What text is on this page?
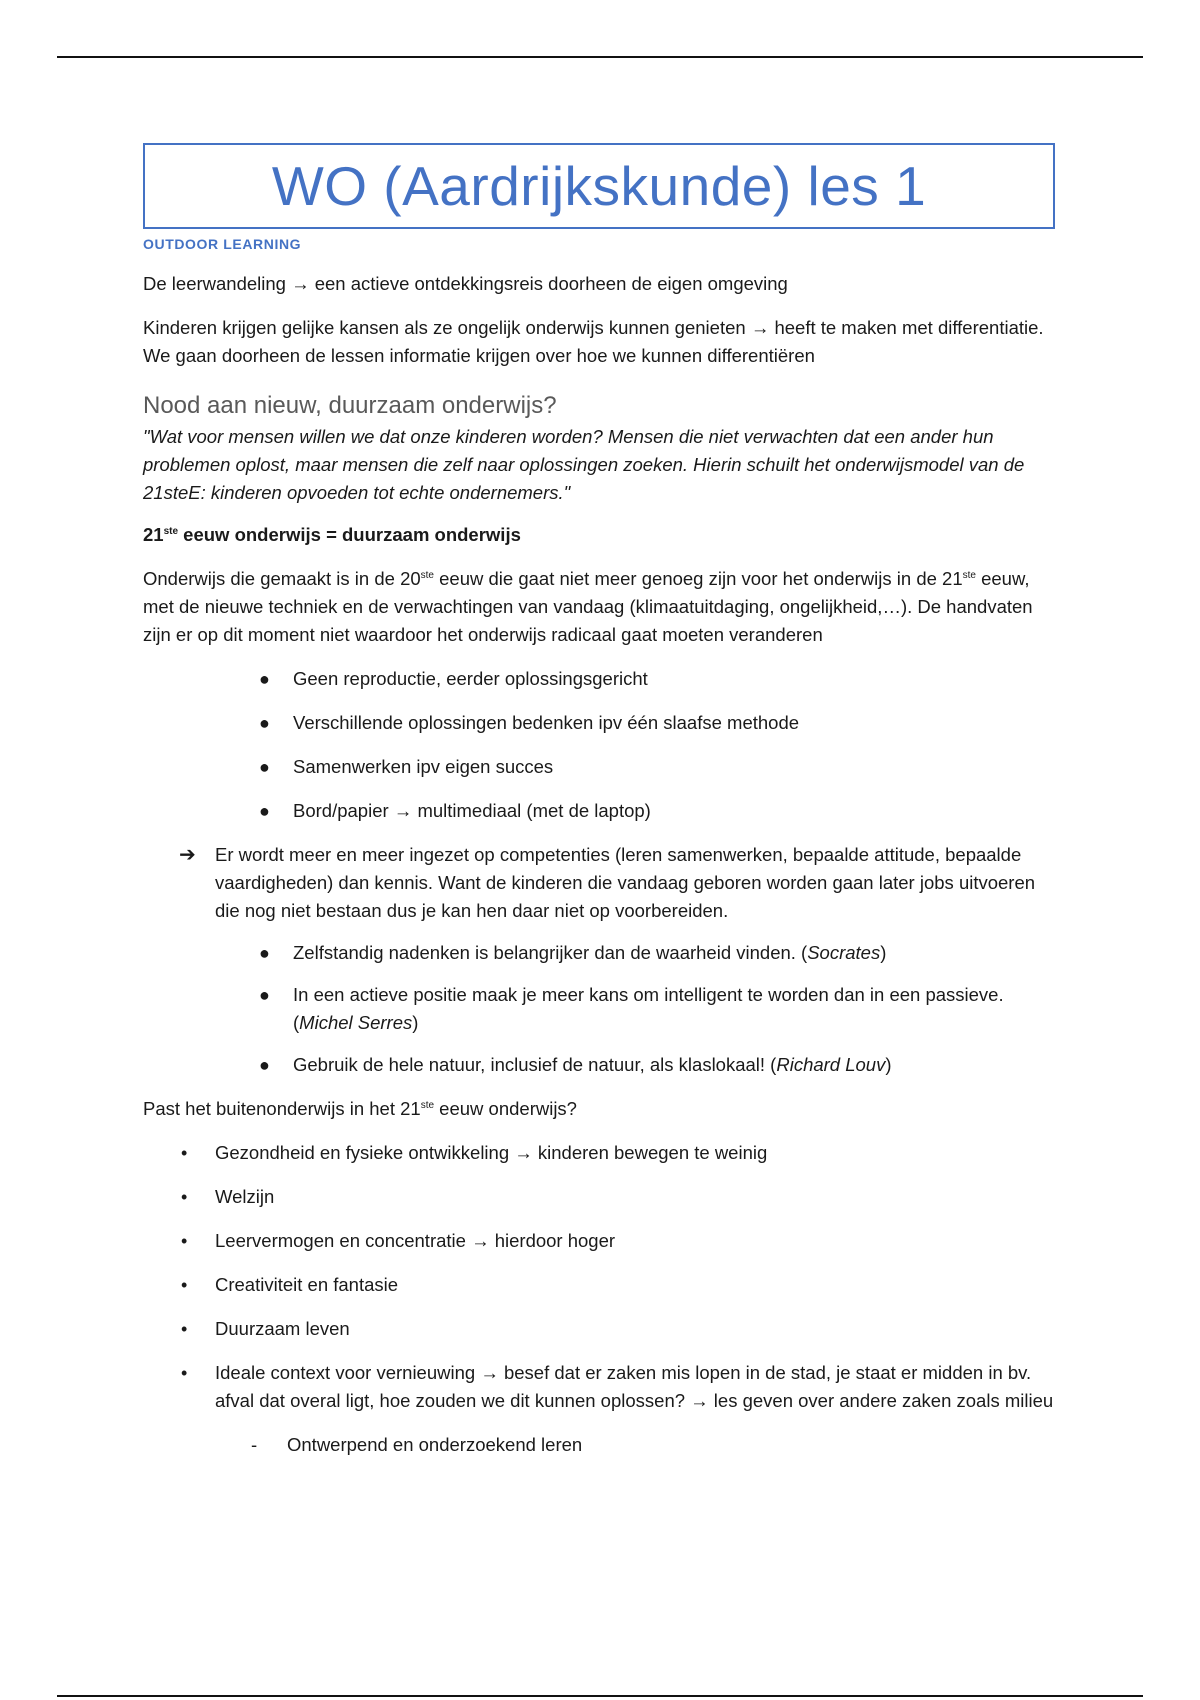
WO (Aardrijkskunde) les 1
OUTDOOR LEARNING

De leerwandeling → een actieve ontdekkingsreis doorheen de eigen omgeving

Kinderen krijgen gelijke kansen als ze ongelijk onderwijs kunnen genieten → heeft te maken met differentiatie. We gaan doorheen de lessen informatie krijgen over hoe we kunnen differentiëren

Nood aan nieuw, duurzaam onderwijs?

"Wat voor mensen willen we dat onze kinderen worden? Mensen die niet verwachten dat een ander hun problemen oplost, maar mensen die zelf naar oplossingen zoeken. Hierin schuilt het onderwijsmodel van de 21steE: kinderen opvoeden tot echte ondernemers."

21ste eeuw onderwijs = duurzaam onderwijs

Onderwijs die gemaakt is in de 20ste eeuw die gaat niet meer genoeg zijn voor het onderwijs in de 21ste eeuw, met de nieuwe techniek en de verwachtingen van vandaag (klimaatuitdaging, ongelijkheid,…). De handvaten zijn er op dit moment niet waardoor het onderwijs radicaal gaat moeten veranderen

● Geen reproductie, eerder oplossingsgericht
● Verschillende oplossingen bedenken ipv één slaafse methode
● Samenwerken ipv eigen succes
● Bord/papier → multimediaal (met de laptop)
➔ Er wordt meer en meer ingezet op competenties (leren samenwerken, bepaalde attitude, bepaalde vaardigheden) dan kennis. Want de kinderen die vandaag geboren worden gaan later jobs uitvoeren die nog niet bestaan dus je kan hen daar niet op voorbereiden.
● Zelfstandig nadenken is belangrijker dan de waarheid vinden. (Socrates)
● In een actieve positie maak je meer kans om intelligent te worden dan in een passieve. (Michel Serres)
● Gebruik de hele natuur, inclusief de natuur, als klaslokaal! (Richard Louv)

Past het buitenonderwijs in het 21ste eeuw onderwijs?

• Gezondheid en fysieke ontwikkeling → kinderen bewegen te weinig
• Welzijn
• Leervermogen en concentratie → hierdoor hoger
• Creativiteit en fantasie
• Duurzaam leven
• Ideale context voor vernieuwing → besef dat er zaken mis lopen in de stad, je staat er midden in bv. afval dat overal ligt, hoe zouden we dit kunnen oplossen? → les geven over andere zaken zoals milieu
- Ontwerpend en onderzoekend leren
